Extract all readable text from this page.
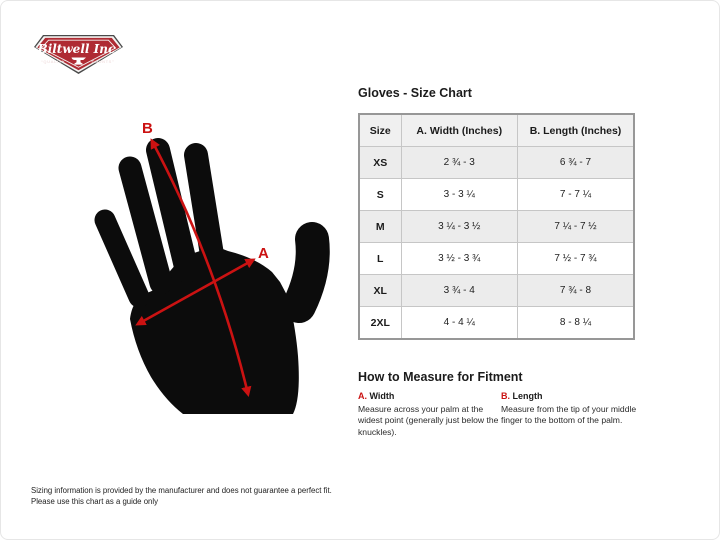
Biltwell Inc.
“QUALITY	COUNTS”
B
A
Gloves - Size Chart
Size	A. Width (Inches)	B. Length (Inches)
XS	2 ¾ - 3	6 ¾ - 7
S	3 - 3 ¼	7 - 7 ¼
M	3 ¼ - 3 ½	7 ¼ - 7 ½
L	3 ½ - 3 ¾	7 ½ - 7 ¾
XL	3 ¾ - 4	7 ¾ - 8
2XL	4 - 4 ¼	8 - 8 ¼
How to Measure for Fitment
A. Width
Measure across your palm at the widest point (generally just below the knuckles).
B. Length
Measure from the tip of your middle finger to the bottom of the palm.
Sizing information is provided by the manufacturer and does not guarantee a perfect fit.
Please use this chart as a guide only
